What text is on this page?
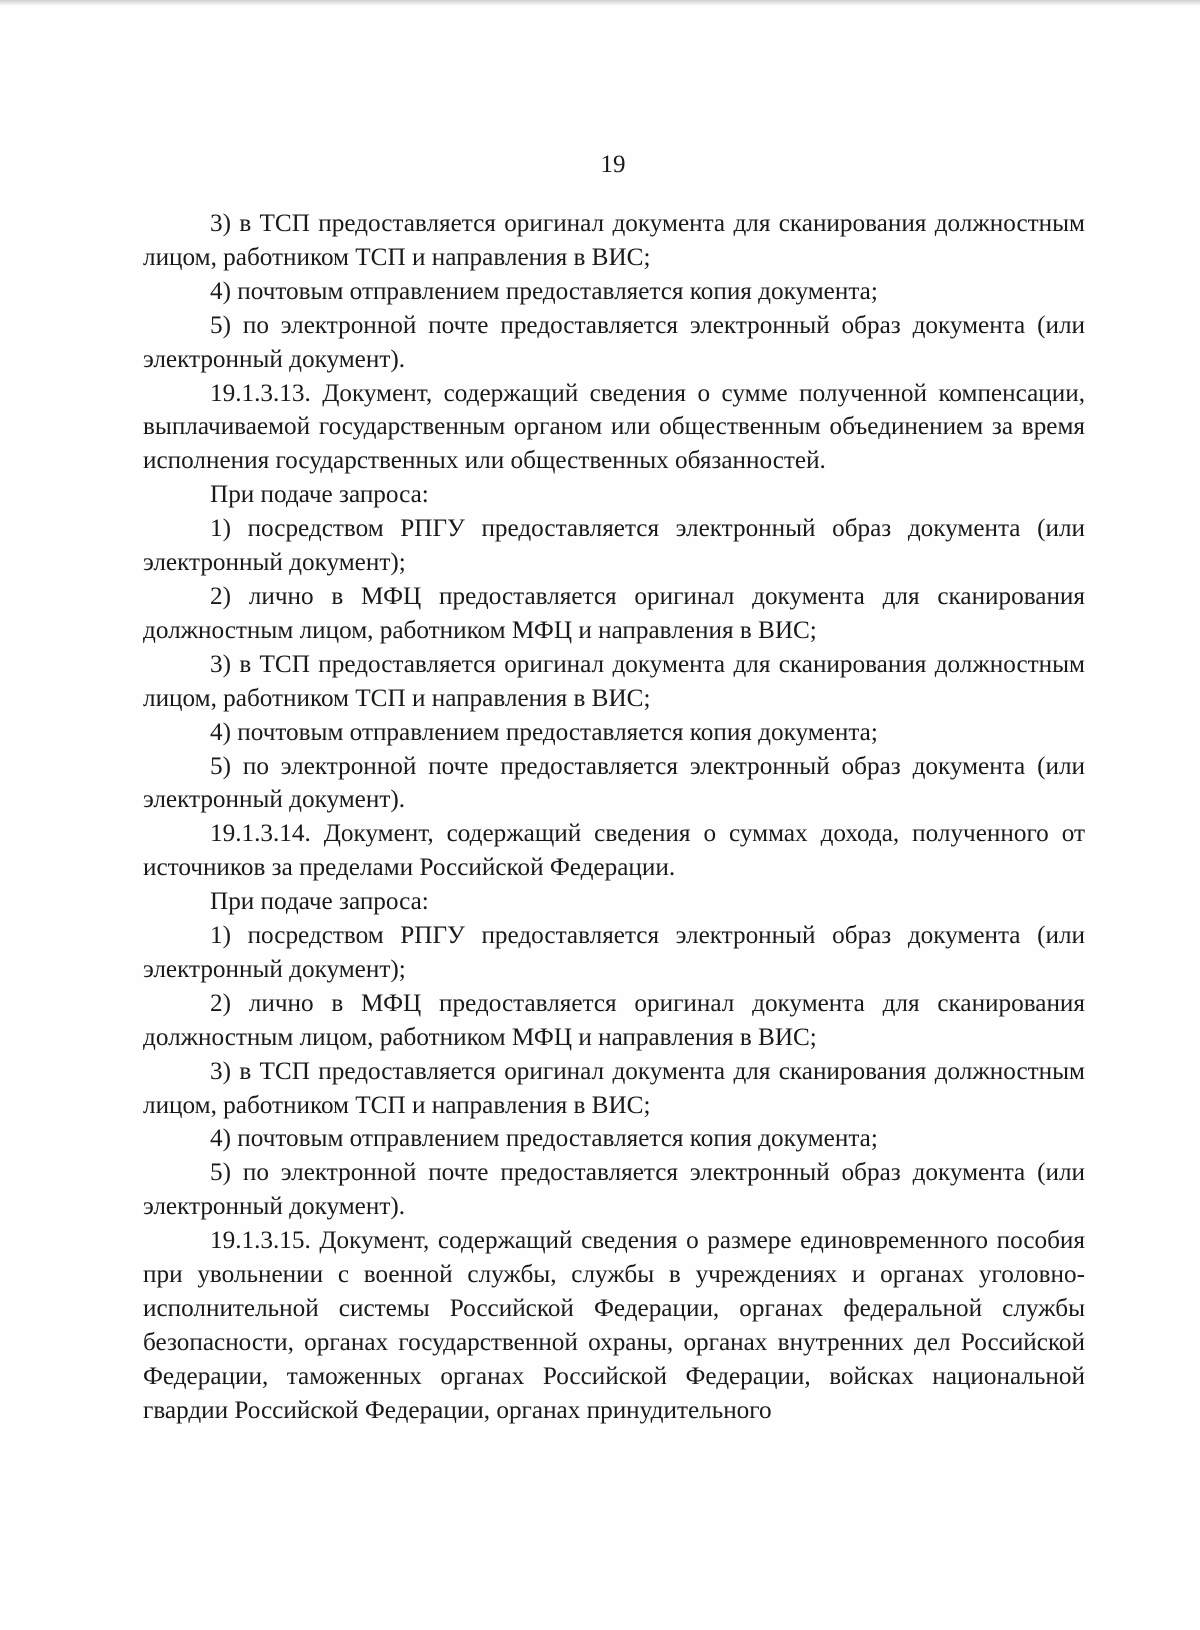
19

3) в ТСП предоставляется оригинал документа для сканирования должностным лицом, работником ТСП и направления в ВИС;

4) почтовым отправлением предоставляется копия документа;

5) по электронной почте предоставляется электронный образ документа (или электронный документ).

19.1.3.13. Документ, содержащий сведения о сумме полученной компенсации, выплачиваемой государственным органом или общественным объединением за время исполнения государственных или общественных обязанностей.

При подаче запроса:

1) посредством РПГУ предоставляется электронный образ документа (или электронный документ);

2) лично в МФЦ предоставляется оригинал документа для сканирования должностным лицом, работником МФЦ и направления в ВИС;

3) в ТСП предоставляется оригинал документа для сканирования должностным лицом, работником ТСП и направления в ВИС;

4) почтовым отправлением предоставляется копия документа;

5) по электронной почте предоставляется электронный образ документа (или электронный документ).

19.1.3.14. Документ, содержащий сведения о суммах дохода, полученного от источников за пределами Российской Федерации.

При подаче запроса:

1) посредством РПГУ предоставляется электронный образ документа (или электронный документ);

2) лично в МФЦ предоставляется оригинал документа для сканирования должностным лицом, работником МФЦ и направления в ВИС;

3) в ТСП предоставляется оригинал документа для сканирования должностным лицом, работником ТСП и направления в ВИС;

4) почтовым отправлением предоставляется копия документа;

5) по электронной почте предоставляется электронный образ документа (или электронный документ).

19.1.3.15. Документ, содержащий сведения о размере единовременного пособия при увольнении с военной службы, службы в учреждениях и органах уголовно-исполнительной системы Российской Федерации, органах федеральной службы безопасности, органах государственной охраны, органах внутренних дел Российской Федерации, таможенных органах Российской Федерации, войсках национальной гвардии Российской Федерации, органах принудительного
